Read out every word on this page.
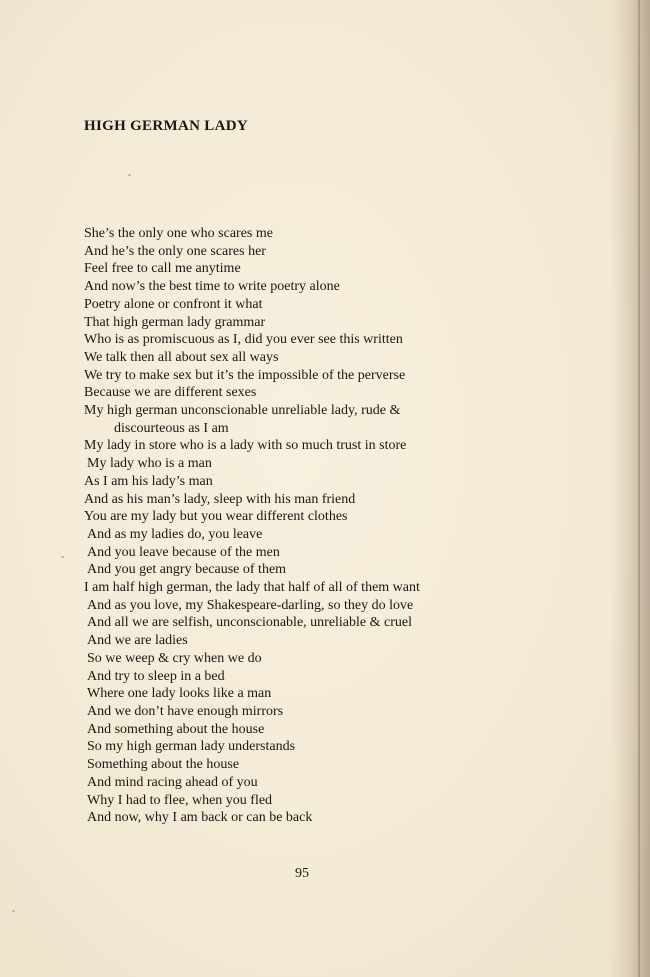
HIGH GERMAN LADY
She’s the only one who scares me
And he’s the only one scares her
Feel free to call me anytime
And now’s the best time to write poetry alone
Poetry alone or confront it what
That high german lady grammar
Who is as promiscuous as I, did you ever see this written
We talk then all about sex all ways
We try to make sex but it’s the impossible of the perverse
Because we are different sexes
My high german unconscionable unreliable lady, rude &
discourteous as I am
My lady in store who is a lady with so much trust in store
My lady who is a man
As I am his lady’s man
And as his man’s lady, sleep with his man friend
You are my lady but you wear different clothes
And as my ladies do, you leave
And you leave because of the men
And you get angry because of them
I am half high german, the lady that half of all of them want
And as you love, my Shakespeare-darling, so they do love
And all we are selfish, unconscionable, unreliable & cruel
And we are ladies
So we weep & cry when we do
And try to sleep in a bed
Where one lady looks like a man
And we don’t have enough mirrors
And something about the house
So my high german lady understands
Something about the house
And mind racing ahead of you
Why I had to flee, when you fled
And now, why I am back or can be back
95
